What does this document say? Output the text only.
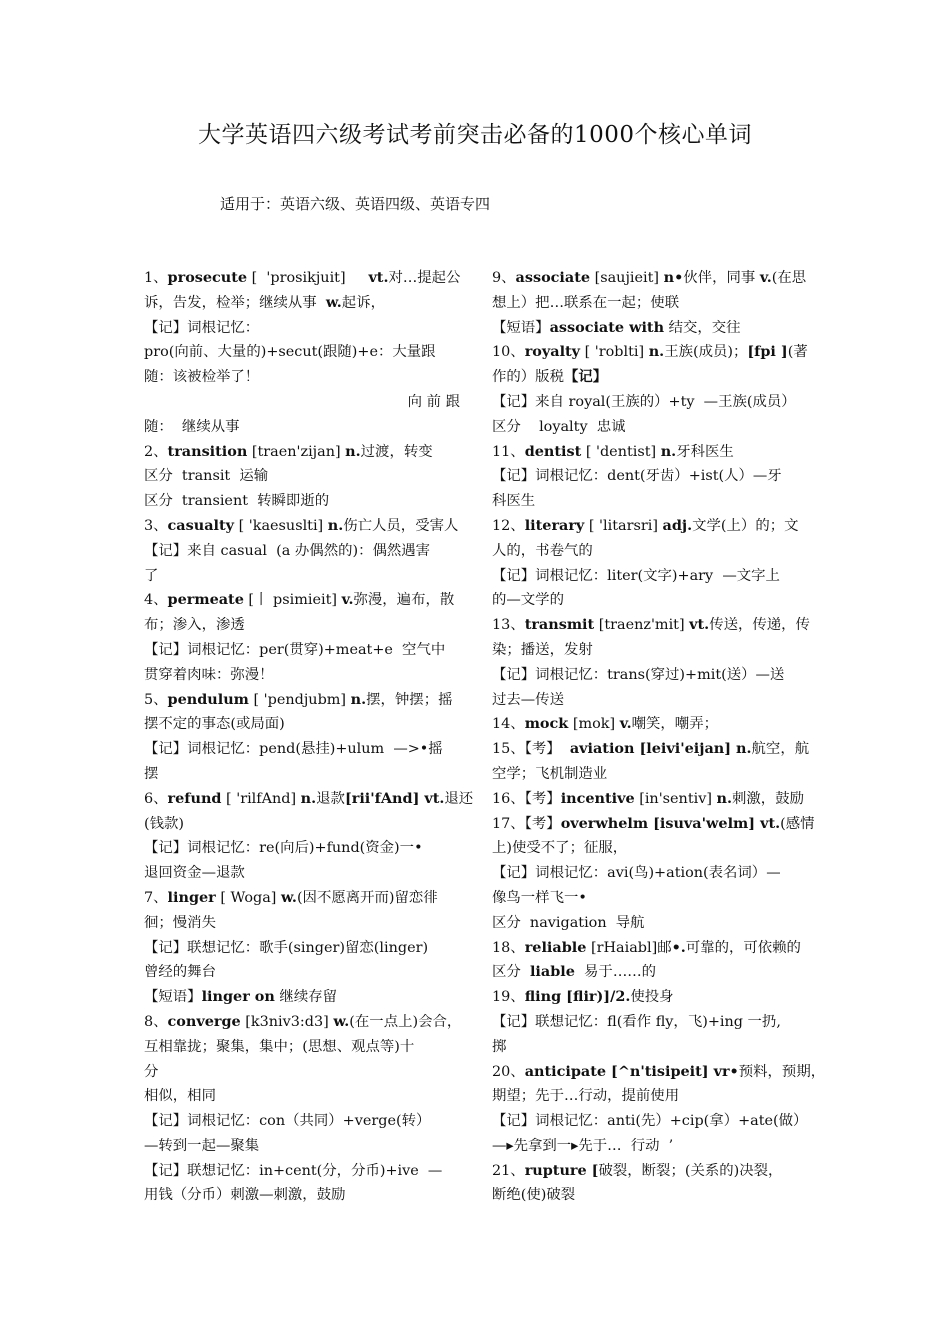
大学英语四六级考试考前突击必备的1000个核心单词
适用于：英语六级、英语四级、英语专四
1、prosecute [  'prosikjuit]     vt.对…提起公
诉，告发，检举；继续从事  w.起诉，
【记】词根记忆：
pro(向前、大量的)+secut(跟随)+e：大量跟
随：该被检举了！
向 前 跟
随：  继续从事
2、transition [traen'zijan] n.过渡，转变
区分  transit  运输
区分  transient  转瞬即逝的
3、casualty [ 'kaesuslti] n.伤亡人员，受害人
【记】来自 casual  (a 办偶然的)：偶然遇害
了
4、permeate [丨 psimieit] v.弥漫，遍布，散
布；渗入，渗透
【记】词根记忆：per(贯穿)+meat+e  空气中
贯穿着肉味：弥漫！
5、pendulum [ 'pendjubm] n.摆，钟摆；摇
摆不定的事态(或局面)
【记】词根记忆：pend(悬挂)+ulum  —>•摇
摆
6、refund [ 'rilfAnd] n.退款[rii'fAnd] vt.退还
(钱款)
【记】词根记忆：re(向后)+fund(资金)一•
退回资金—退款
7、linger [ Woga] w.(因不愿离开而)留恋徘
徊；慢消失
【记】联想记忆：歌手(singer)留恋(linger)
曾经的舞台
【短语】linger on 继续存留
8、converge [k3niv3:d3] w.(在一点上)会合，
互相靠拢；聚集，集中；(思想、观点等)十
分
相似，相同
【记】词根记忆：con（共同）+verge(转）
—转到一起—聚集
【记】联想记忆：in+cent(分，分币)+ive  —
用钱（分币）刺激—刺激，鼓励
9、associate [saujieit] n•伙伴，同事 v.(在思
想上）把…联系在一起；使联
【短语】associate with 结交，交往
10、royalty [ 'roblti] n.王族(成员)；[fpi ](著
作的）版税【记】
【记】来自 royal(王族的）+ty  —王族(成员）
区分    loyalty  忠诚
11、dentist [ 'dentist] n.牙科医生
【记】词根记忆：dent(牙齿）+ist(人）—牙
科医生
12、literary [ 'litarsri] adj.文学(上）的；文
人的，书卷气的
【记】词根记忆：liter(文字)+ary  —文字上
的—文学的
13、transmit [traenz'mit] vt.传送，传递，传
染；播送，发射
【记】词根记忆：trans(穿过)+mit(送）—送
过去—传送
14、mock [mok] v.嘲笑，嘲弄；
15、【考】  aviation [leivi'eijan] n.航空，航
空学；飞机制造业
16、【考】incentive [in'sentiv] n.刺激，鼓励
17、【考】overwhelm [isuva'welm] vt.(感情
上)使受不了；征服，
【记】词根记忆：avi(鸟)+ation(表名词）—
像鸟一样飞一•
区分  navigation  导航
18、reliable [rHaiabl]邮•.可靠的，可依赖的
区分  liable  易于……的
19、fling [flir)]/2.使投身
【记】联想记忆：fl(看作 fly，飞)+ing 一扔,
掷
20、anticipate [^n'tisipeit] vr•预料，预期，
期望；先于…行动，提前使用
【记】词根记忆：anti(先）+cip(拿）+ate(做）
—▸先拿到一▸先于…  行动  ’
21、rupture [破裂，断裂；(关系的)决裂，
断绝(使)破裂
